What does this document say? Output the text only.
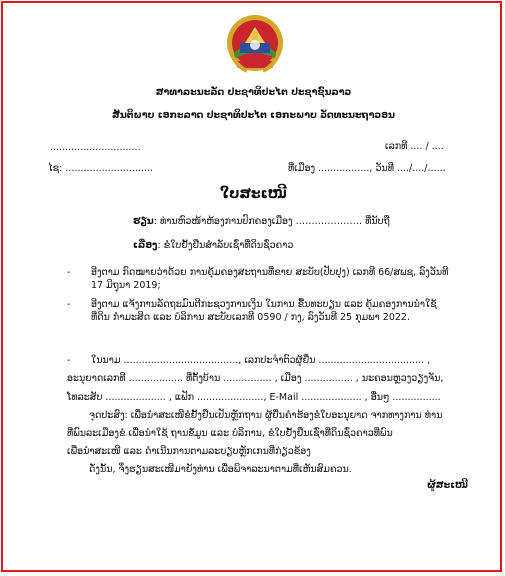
ສາທາລະນະລັດ ປະຊາທິປະໄຕ ປະຊາຊົນລາວ
ສັນຕິພາບ ເອກະລາດ ປະຊາທິປະໄຕ ເອກະພາບ ວັດທະນະຖາວອນ
..............................	ເລກທີ .... / ....
ໄຊ: .............................	ທີ່ເມືອງ ................., ວັນທີ ..../..../......
ໃບສະເໜີ
ຮຽນ: ທ່ານຫົວໜ້າຫ້ອງການປົກຄອງເມືອງ ………………… ທີ່ນັບຖື
ເລື່ອງ: ຂໍໃບຢັ້ງຢືນສຳລັບເຊົ່າທີ່ດິນຊົ່ວຄາວ
- ອີງຕາມ ກົດໝາຍວ່າດ້ວຍ ການຄຸ້ມຄອງສະຖານທີ່ຂາຍ ສະບັບ(ປັບປຸງ) ເລກທີ 66/ສພຊ, ລົງວັນທີ 17 ມິຖຸນາ 2019;
- ອີງຕາມ ແຈ້ງການລັດຖະມົນຕີກະຊວງການເງິນ ໃນການ ຂື້ນທະບຽນ ແລະ ຄຸ້ມຄອງການນຳໃຊ້ ທີ່ດິນ ກຳມະສິດ ແລະ ບໍລິການ ສະບັບເລກທີ 0590 / ກງ, ລົງວັນທີ 25 ກຸມພາ 2022.
- ໃນນາມ ......................................, ເລກປະຈຳຕົວຜູ້ຍື່ນ ................................... ,
ອະນຸຍາດເລກທີ .................. ທີ່ຕັ້ງບ້ານ ................ , ເມືອງ ................ , ນະຄອນຫຼວງວຽງຈັນ,
ໂທລະສັບ .................... , ແຟັກ ......................, E-Mail .................... , ອື່ນໆ ................
ຈຸດປະສົງ: ເພື່ອນຳສະເໜີຂໍຢັ້ງຢືນເປັນຫຼັກຖານ ຜູ້ຍື່ນຄຳຮ້ອງຂໍໃບອະນຸຍາດ ຈາກທາງການ ທ່ານ
ທີ່ພົນລະເມືອງຂໍ ເພື່ອນຳໃຊ້ ຖານຂໍ້ມູນ ແລະ ບໍລິການ, ຂໍໃບຢັ້ງຢືນເຊົ່າທີ່ດິນຊົ່ວຄາວທີ່ພົນ
ເພື່ອນຳສະເໜີ ແລະ ດຳເນີນການຕາມລະບຽບຫຼັກເກນທີ່ກ່ຽວຂ້ອງ
ດັ່ງນັ້ນ, ຈຶ່ງຮຽນສະເໜີມາຍັງທ່ານ ເພື່ອພິຈາລະນາຕາມທີ່ເຫັນສົມຄວນ.
ຜູ້ສະເໜີ
